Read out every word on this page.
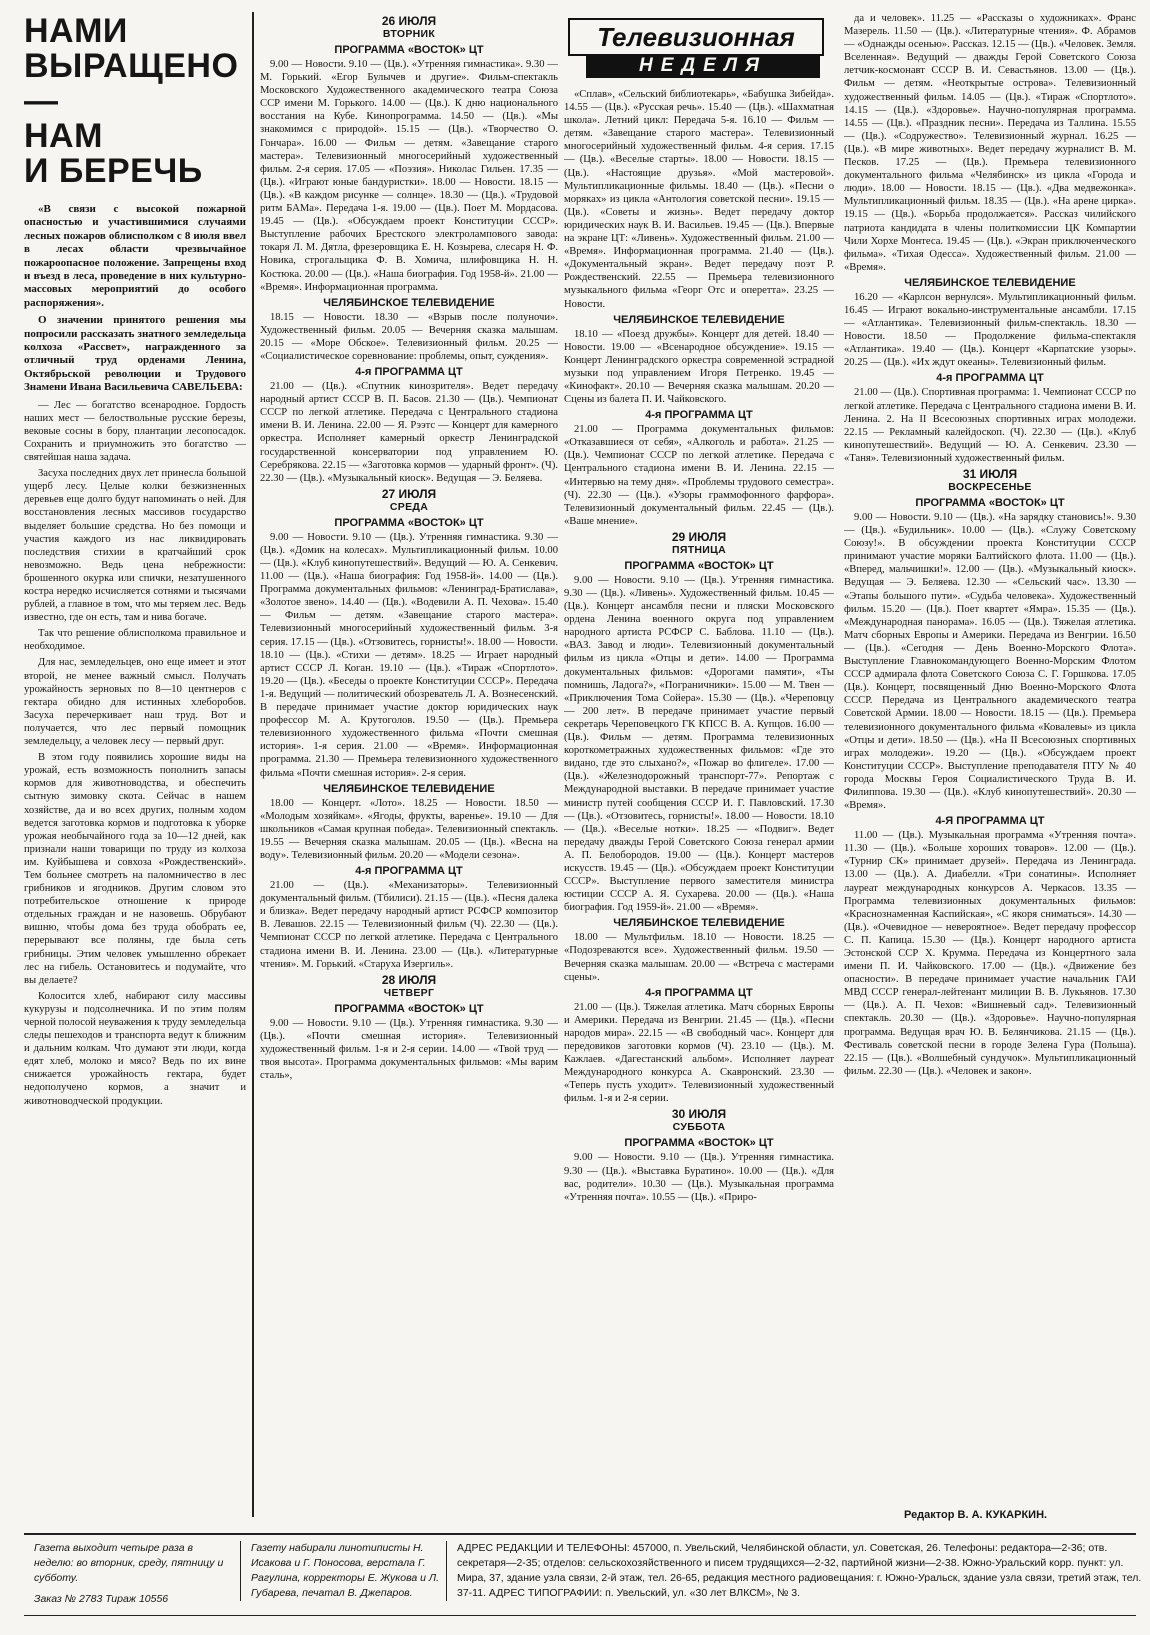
НАМИ
ВЫРАЩЕНО—
НАМ
И БЕРЕЧЬ

«В связи с высокой пожарной опасностью и участившимися случаями лесных пожаров облисполком с 8 июля ввел в лесах области чрезвычайное пожароопасное положение. Запрещены вход и въезд в леса, проведение в них культурно-массовых мероприятий до особого распоряжения».

О значении принятого решения мы попросили рассказать знатного земледельца колхоза «Рассвет», награжденного за отличный труд орденами Ленина, Октябрьской революции и Трудового Знамени Ивана Васильевича САВЕЛЬЕВА:

— Лес — богатство всенародное. Гордость наших мест — белоствольные русские березы, вековые сосны в бору, плантации лесопосадок. Сохранить и приумножить это богатство — святейшая наша задача.

Засуха последних двух лет принесла большой ущерб лесу. Целые колки безжизненных деревьев еще долго будут напоминать о ней. Для восстановления лесных массивов государство выделяет большие средства. Но без помощи и участия каждого из нас ликвидировать последствия стихии в кратчайший срок невозможно. Ведь цена небрежности: брошенного окурка или спички, незатушенного костра нередко исчисляется сотнями и тысячами рублей, а главное в том, что мы теряем лес. Ведь известно, где он есть, там и нива богаче.

Так что решение облисполкома правильное и необходимое.

Для нас, земледельцев, оно еще имеет и этот второй, не менее важный смысл. Получать урожайность зерновых по 8—10 центнеров с гектара обидно для истинных хлеборобов. Засуха перечеркивает наш труд. Вот и получается, что лес первый помощник земледельцу, а человек лесу — первый друг.

В этом году появились хорошие виды на урожай, есть возможность пополнить запасы кормов для животноводства, и обеспечить сытную зимовку скота. Сейчас в нашем хозяйстве, да и во всех других, полным ходом ведется заготовка кормов и подготовка к уборке урожая необычайного года за 10—12 дней, как признали наши товарищи по труду из колхоза им. Куйбышева и совхоза «Рождественский». Тем больнее смотреть на паломничество в лес грибников и ягодников. Другим словом это потребительское отношение к природе отдельных граждан и не назовешь. Обрубают вишню, чтобы дома без труда обобрать ее, перерывают все поляны, где была сеть грибницы. Этим человек умышленно обрекает лес на гибель. Остановитесь и подумайте, что вы делаете?

Колосится хлеб, набирают силу массивы кукурузы и подсолнечника. И по этим полям черной полосой неуважения к труду земледельца следы пешеходов и транспорта ведут к ближним и дальним колкам. Что думают эти люди, когда едят хлеб, молоко и мясо? Ведь по их вине снижается урожайность гектара, будет недополучено кормов, а значит и животноводческой продукции.

26 ИЮЛЯ
ВТОРНИК
ПРОГРАММА «ВОСТОК» ЦТ

9.00 — Новости. 9.10 — (Цв.). «Утренняя гимнастика». 9.30 — М. Горький. «Егор Булычев и другие». Фильм-спектакль Московского Художественного академического театра Союза ССР имени М. Горького. 14.00 — (Цв.). К дню национального восстания на Кубе. Кинопрограмма. 14.50 — (Цв.). «Мы знакомимся с природой». 15.15 — (Цв.). «Творчество О. Гончара». 16.00 — Фильм — детям. «Завещание старого мастера». Телевизионный многосерийный художественный фильм. 2-я серия. 17.05 — «Поэзия». Николас Гильен. 17.35 — (Цв.). «Играют юные бандуристки». 18.00 — Новости. 18.15 — (Цв.). «В каждом рисунке — солнце». 18.30 — (Цв.). «Трудовой ритм БАМа». Передача 1-я. 19.00 — (Цв.). Поет М. Мордасова. 19.45 — (Цв.). «Обсуждаем проект Конституции СССР». Выступление рабочих Брестского электролампового завода: токаря Л. М. Дятла, фрезеровщика Е. Н. Козырева, слесаря Н. Ф. Новика, строгальщика Ф. В. Хомича, шлифовщика Н. Н. Костюка. 20.00 — (Цв.). «Наша биография. Год 1958-й». 21.00 — «Время». Информационная программа.

ЧЕЛЯБИНСКОЕ ТЕЛЕВИДЕНИЕ

18.15 — Новости. 18.30 — «Взрыв после полуночи». Художественный фильм. 20.05 — Вечерняя сказка малышам. 20.15 — «Море Обское». Телевизионный фильм. 20.25 — «Социалистическое соревнование: проблемы, опыт, суждения».

4-я ПРОГРАММА ЦТ

21.00 — (Цв.). «Спутник кинозрителя». Ведет передачу народный артист СССР В. П. Басов. 21.30 — (Цв.). Чемпионат СССР по легкой атлетике. Передача с Центрального стадиона имени В. И. Ленина. 22.00 — Я. Рээтс — Концерт для камерного оркестра. Исполняет камерный оркестр Ленинградской государственной консерватории под управлением Ю. Серебрякова. 22.15 — «Заготовка кормов — ударный фронт». (Ч). 22.30 — (Цв.). «Музыкальный киоск». Ведущая — Э. Беляева.

27 ИЮЛЯ
СРЕДА
ПРОГРАММА «ВОСТОК» ЦТ

9.00 — Новости. 9.10 — (Цв.). Утренняя гимнастика. 9.30 — (Цв.). «Домик на колесах». Мультипликационный фильм. 10.00 — (Цв.). «Клуб кинопутешествий». Ведущий — Ю. А. Сенкевич. 11.00 — (Цв.). «Наша биография: Год 1958-й». 14.00 — (Цв.). Программа документальных фильмов: «Ленинград-Братиславa», «Золотое звено». 14.40 — (Цв.). «Водевили А. П. Чехова». 15.40 — Фильм — детям. «Завещание старого мастера». Телевизионный многосерийный художественный фильм. 3-я серия. 17.15 — (Цв.). «Отзовитесь, горнисты!». 18.00 — Новости. 18.10 — (Цв.). «Стихи — детям». 18.25 — Играет народный артист СССР Л. Коган. 19.10 — (Цв.). «Тираж «Спортлото». 19.20 — (Цв.). «Беседы о проекте Конституции СССР». Передача 1-я. Ведущий — политический обозреватель Л. А. Вознесенский. В передаче принимает участие доктор юридических наук профессор М. А. Крутоголов. 19.50 — (Цв.). Премьера телевизионного художественного фильма «Почти смешная история». 1-я серия. 21.00 — «Время». Информационная программа. 21.30 — Премьера телевизионного художественного фильма «Почти смешная история». 2-я серия.

ЧЕЛЯБИНСКОЕ ТЕЛЕВИДЕНИЕ

18.00 — Концерт. «Лото». 18.25 — Новости. 18.50 — «Молодым хозяйкам». «Ягоды, фрукты, варенье». 19.10 — Для школьников «Самая крупная победа». Телевизионный спектакль. 19.55 — Вечерняя сказка малышам. 20.05 — (Цв.). «Весна на воду». Телевизионный фильм. 20.20 — «Модели сезона».

4-я ПРОГРАММА ЦТ

21.00 — (Цв.). «Механизаторы». Телевизионный документальный фильм. (Тбилиси). 21.15 — (Цв.). «Песня далека и близка». Ведет передачу народный артист РСФСР композитор В. Левашов. 22.15 — Телевизионный фильм (Ч). 22.30 — (Цв.). Чемпионат СССР по легкой атлетике. Передача с Центрального стадиона имени В. И. Ленина. 23.00 — (Цв.). «Литературные чтения». М. Горький. «Старуха Изергиль».

28 ИЮЛЯ
ЧЕТВЕРГ
ПРОГРАММА «ВОСТОК» ЦТ

9.00 — Новости. 9.10 — (Цв.). Утренняя гимнастика. 9.30 — (Цв.). «Почти смешная история». Телевизионный художественный фильм. 1-я и 2-я серии. 14.00 — «Твой труд — твоя высота». Программа документальных фильмов: «Мы варим сталь»,

Телевизионная
НЕДЕЛЯ

«Сплав», «Сельский библиотекарь», «Бабушка Зибейда». 14.55 — (Цв.). «Русская речь». 15.40 — (Цв.). «Шахматная школа». Летний цикл: Передача 5-я. 16.10 — Фильм — детям. «Завещание старого мастера». Телевизионный многосерийный художественный фильм. 4-я серия. 17.15 — (Цв.). «Веселые старты». 18.00 — Новости. 18.15 — (Цв.). «Настоящие друзья». «Мой мастеровой». Мультипликационные фильмы. 18.40 — (Цв.). «Песни о моряках» из цикла «Антология советской песни». 19.15 — (Цв.). «Советы и жизнь». Ведет передачу доктор юридических наук В. И. Васильев. 19.45 — (Цв.). Впервые на экране ЦТ: «Ливень». Художественный фильм. 21.00 — «Время». Информационная программа. 21.40 — (Цв.). «Документальный экран». Ведет передачу поэт Р. Рождественский. 22.55 — Премьера телевизионного музыкального фильма «Георг Отс и оперетта». 23.25 — Новости.

ЧЕЛЯБИНСКОЕ ТЕЛЕВИДЕНИЕ

18.10 — «Поезд дружбы». Концерт для детей. 18.40 — Новости. 19.00 — «Всенародное обсуждение». 19.15 — Концерт Ленинградского оркестра современной эстрадной музыки под управлением Игоря Петренко. 19.45 — «Кинофакт». 20.10 — Вечерняя сказка малышам. 20.20 — Сцены из балета П. И. Чайковского.

4-я ПРОГРАММА ЦТ

21.00 — Программа документальных фильмов: «Отказавшиеся от себя», «Алкоголь и работа». 21.25 — (Цв.). Чемпионат СССР по легкой атлетике. Передача с Центрального стадиона имени В. И. Ленина. 22.15 — «Интервью на тему дня». «Проблемы трудового семестра». (Ч). 22.30 — (Цв.). «Узоры граммофонного фарфора». Телевизионный документальный фильм. 22.45 — (Цв.). «Ваше мнение».

29 ИЮЛЯ
ПЯТНИЦА
ПРОГРАММА «ВОСТОК» ЦТ

9.00 — Новости. 9.10 — (Цв.). Утренняя гимнастика. 9.30 — (Цв.). «Ливень». Художественный фильм. 10.45 — (Цв.). Концерт ансамбля песни и пляски Московского ордена Ленина военного округа под управлением народного артиста РСФСР С. Бабловa. 11.10 — (Цв.). «ВАЗ. Завод и люди». Телевизионный документальный фильм из цикла «Отцы и дети». 14.00 — Программа документальных фильмов: «Дорогами памяти», «Ты помнишь, Ладога?», «Пограничники». 15.00 — М. Твен — «Приключения Тома Сойера». 15.30 — (Цв.). «Череповцу — 200 лет». В передаче принимает участие первый секретарь Череповецкого ГК КПСС В. А. Купцов. 16.00 — (Цв.). Фильм — детям. Программа телевизионных короткометражных художественных фильмов: «Где это видано, где это слыхано?», «Пожар во флигеле». 17.00 — (Цв.). «Железнодорожный транспорт-77». Репортаж с Международной выставки. В передаче принимает участие министр путей сообщения СССР И. Г. Павловский. 17.30 — (Цв.). «Отзовитесь, горнисты!». 18.00 — Новости. 18.10 — (Цв.). «Веселые нотки». 18.25 — «Подвиг». Ведет передачу дважды Герой Советского Союза генерал армии А. П. Белобородов. 19.00 — (Цв.). Концерт мастеров искусств. 19.45 — (Цв.). «Обсуждаем проект Конституции СССР». Выступление первого заместителя министра юстиции СССР А. Я. Сухарева. 20.00 — (Цв.). «Наша биография. Год 1959-й». 21.00 — «Время».

ЧЕЛЯБИНСКОЕ ТЕЛЕВИДЕНИЕ

18.00 — Мультфильм. 18.10 — Новости. 18.25 — «Подозреваются все». Художественный фильм. 19.50 — Вечерняя сказка малышам. 20.00 — «Встреча с мастерами сцены».

4-я ПРОГРАММА ЦТ

21.00 — (Цв.). Тяжелая атлетика. Матч сборных Европы и Америки. Передача из Венгрии. 21.45 — (Цв.). «Песни народов мира». 22.15 — «В свободный час». Концерт для передовиков заготовки кормов (Ч). 23.10 — (Цв.). М. Кажлаев. «Дагестанский альбом». Исполняет лауреат Международного конкурса А. Скавронский. 23.30 — «Теперь пусть уходит». Телевизионный художественный фильм. 1-я и 2-я серии.

30 ИЮЛЯ
СУББОТА
ПРОГРАММА «ВОСТОК» ЦТ

9.00 — Новости. 9.10 — (Цв.). Утренняя гимнастика. 9.30 — (Цв.). «Выставка Буратино». 10.00 — (Цв.). «Для вас, родители». 10.30 — (Цв.). Музыкальная программа «Утренняя почта». 10.55 — (Цв.). «Приро-

да и человек». 11.25 — «Рассказы о художниках». Франс Мазерель. 11.50 — (Цв.). «Литературные чтения». Ф. Абрамов — «Однажды осенью». Рассказ. 12.15 — (Цв.). «Человек. Земля. Вселенная». Ведущий — дважды Герой Советского Союза летчик-космонавт СССР В. И. Севастьянов. 13.00 — (Цв.). Фильм — детям. «Неоткрытые острова». Телевизионный художественный фильм. 14.05 — (Цв.). «Тираж «Спортлото». 14.15 — (Цв.). «Здоровье». Научно-популярная программа. 14.55 — (Цв.). «Праздник песни». Передача из Таллина. 15.55 — (Цв.). «Содружество». Телевизионный журнал. 16.25 — (Цв.). «В мире животных». Ведет передачу журналист В. М. Песков. 17.25 — (Цв.). Премьера телевизионного документального фильма «Челябинск» из цикла «Города и люди». 18.00 — Новости. 18.15 — (Цв.). «Два медвежонка». Мультипликационный фильм. 18.35 — (Цв.). «На арене цирка». 19.15 — (Цв.). «Борьба продолжается». Рассказ чилийского патриота кандидата в члены политкомиссии ЦК Компартии Чили Хорхе Монтеса. 19.45 — (Цв.). «Экран приключенческого фильма». «Тихая Одесса». Художественный фильм. 21.00 — «Время».

ЧЕЛЯБИНСКОЕ ТЕЛЕВИДЕНИЕ

16.20 — «Карлсон вернулся». Мультипликационный фильм. 16.45 — Играют вокально-инструментальные ансамбли. 17.15 — «Атлантика». Телевизионный фильм-спектакль. 18.30 — Новости. 18.50 — Продолжение фильма-спектакля «Атлантика». 19.40 — (Цв.). Концерт «Карпатские узоры». 20.25 — (Цв.). «Их ждут океаны». Телевизионный фильм.

4-я ПРОГРАММА ЦТ

21.00 — (Цв.). Спортивная программа: 1. Чемпионат СССР по легкой атлетике. Передача с Центрального стадиона имени В. И. Ленина. 2. На II Всесоюзных спортивных играх молодежи. 22.15 — Рекламный калейдоскоп. (Ч). 22.30 — (Цв.). «Клуб кинопутешествий». Ведущий — Ю. А. Сенкевич. 23.30 — «Таня». Телевизионный художественный фильм.

31 ИЮЛЯ
ВОСКРЕСЕНЬЕ
ПРОГРАММА «ВОСТОК» ЦТ

9.00 — Новости. 9.10 — (Цв.). «На зарядку становись!». 9.30 — (Цв.). «Будильник». 10.00 — (Цв.). «Служу Советскому Союзу!». В обсуждении проекта Конституции СССР принимают участие моряки Балтийского флота. 11.00 — (Цв.). «Вперед, мальчишки!». 12.00 — (Цв.). «Музыкальный киоск». Ведущая — Э. Беляева. 12.30 — «Сельский час». 13.30 — «Этапы большого пути». «Судьба человека». Художественный фильм. 15.20 — (Цв.). Поет квартет «Ямра». 15.35 — (Цв.). «Международная панорама». 16.05 — (Цв.). Тяжелая атлетика. Матч сборных Европы и Америки. Передача из Венгрии. 16.50 — (Цв.). «Сегодня — День Военно-Морского Флота». Выступление Главнокомандующего Военно-Морским Флотом СССР адмирала флота Советского Союза С. Г. Горшкова. 17.05 (Цв.). Концерт, посвященный Дню Военно-Морского Флота СССР. Передача из Центрального академического театра Советской Армии. 18.00 — Новости. 18.15 — (Цв.). Премьера телевизионного документального фильма «Ковалевы» из цикла «Отцы и дети». 18.50 — (Цв.). «На II Всесоюзных спортивных играх молодежи». 19.20 — (Цв.). «Обсуждаем проект Конституции СССР». Выступление преподавателя ПТУ № 40 города Москвы Героя Социалистического Труда В. И. Филиппова. 19.30 — (Цв.). «Клуб кинопутешествий». 20.30 — «Время».

4-Я ПРОГРАММА ЦТ

11.00 — (Цв.). Музыкальная программа «Утренняя почта». 11.30 — (Цв.). «Больше хороших товаров». 12.00 — (Цв.). «Турнир СК» принимает друзей». Передача из Ленинграда. 13.00 — (Цв.). А. Диабелли. «Три сонатины». Исполняет лауреат международных конкурсов А. Черкасов. 13.35 — Программа телевизионных документальных фильмов: «Краснознаменная Каспийская», «С якоря сниматься». 14.30 — (Цв.). «Очевидное — невероятное». Ведет передачу профессор С. П. Капица. 15.30 — (Цв.). Концерт народного артиста Эстонской ССР Х. Крумма. Передача из Концертного зала имени П. И. Чайковского. 17.00 — (Цв.). «Движение без опасности». В передаче принимает участие начальник ГАИ МВД СССР генерал-лейтенант милиции В. В. Лукьянов. 17.30 — (Цв.). А. П. Чехов: «Вишневый сад». Телевизионный спектакль. 20.30 — (Цв.). «Здоровье». Научно-популярная программа. Ведущая врач Ю. В. Белянчикова. 21.15 — (Цв.). Фестиваль советской песни в городе Зелена Гура (Польша). 22.15 — (Цв.). «Волшебный сундучок». Мультипликационный фильм. 22.30 — (Цв.). «Человек и закон».

Редактор В. А. КУКАРКИН.
Газета выходит четыре раза в неделю: во вторник, среду, пятницу и субботу.
Заказ № 2783 Тираж 10556
Газету набирали линотиписты Н. Исакова и Г. Поносова, верстала Г. Рагулина, корректоры Е. Жукова и Л. Губарева, печатал В. Джепаров.
АДРЕС РЕДАКЦИИ И ТЕЛЕФОНЫ: 457000, п. Увельский, Челябинской области, ул. Советская, 26. Телефоны: редактора—2-36; отв. секретаря—2-35; отделов: сельскохозяйственного и писем трудящихся—2-32, партийной жизни—2-38. Южно-Уральский корр. пункт: ул. Мира, 37, здание узла связи, 2-й этаж, тел. 26-65, редакция местного радиовещания: г. Южно-Уральск, здание узла связи, третий этаж, тел. 37-11. АДРЕС ТИПОГРАФИИ: п. Увельский, ул. «30 лет ВЛКСМ», № 3.
